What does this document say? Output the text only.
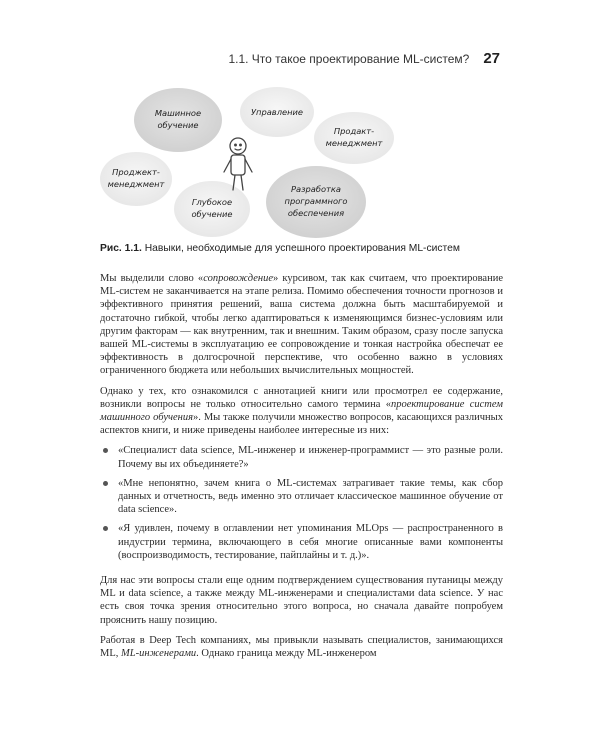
1.1. Что такое проектирование ML-систем? 27
Машинное
обучение
Управление
Продакт-
менеджмент
Проджект-
менеджмент
Глубокое
обучение
Разработка
программного
обеспечения
Рис. 1.1. Навыки, необходимые для успешного проектирования ML-систем

Мы выделили слово «сопровождение» курсивом, так как считаем, что проектирование ML-систем не заканчивается на этапе релиза. Помимо обеспечения точности прогнозов и эффективного принятия решений, ваша система должна быть масштабируемой и достаточно гибкой, чтобы легко адаптироваться к изменяющимся бизнес-условиям или другим факторам — как внутренним, так и внешним. Таким образом, сразу после запуска вашей ML-системы в эксплуатацию ее сопровождение и тонкая настройка обеспечат ее эффективность в долгосрочной перспективе, что особенно важно в условиях ограниченного бюджета или небольших вычислительных мощностей.

Однако у тех, кто ознакомился с аннотацией книги или просмотрел ее содержание, возникли вопросы не только относительно самого термина «проектирование систем машинного обучения». Мы также получили множество вопросов, касающихся различных аспектов книги, и ниже приведены наиболее интересные из них:

«Специалист data science, ML-инженер и инженер-программист — это разные роли. Почему вы их объединяете?»
«Мне непонятно, зачем книга о ML-системах затрагивает такие темы, как сбор данных и отчетность, ведь именно это отличает классическое машинное обучение от data science».
«Я удивлен, почему в оглавлении нет упоминания MLOps — распространенного в индустрии термина, включающего в себя многие описанные вами компоненты (воспроизводимость, тестирование, пайплайны и т. д.)».

Для нас эти вопросы стали еще одним подтверждением существования путаницы между ML и data science, а также между ML-инженерами и специалистами data science. У нас есть своя точка зрения относительно этого вопроса, но сначала давайте попробуем прояснить нашу позицию.

Работая в Deep Tech компаниях, мы привыкли называть специалистов, занимающихся ML, ML-инженерами. Однако граница между ML-инженером
